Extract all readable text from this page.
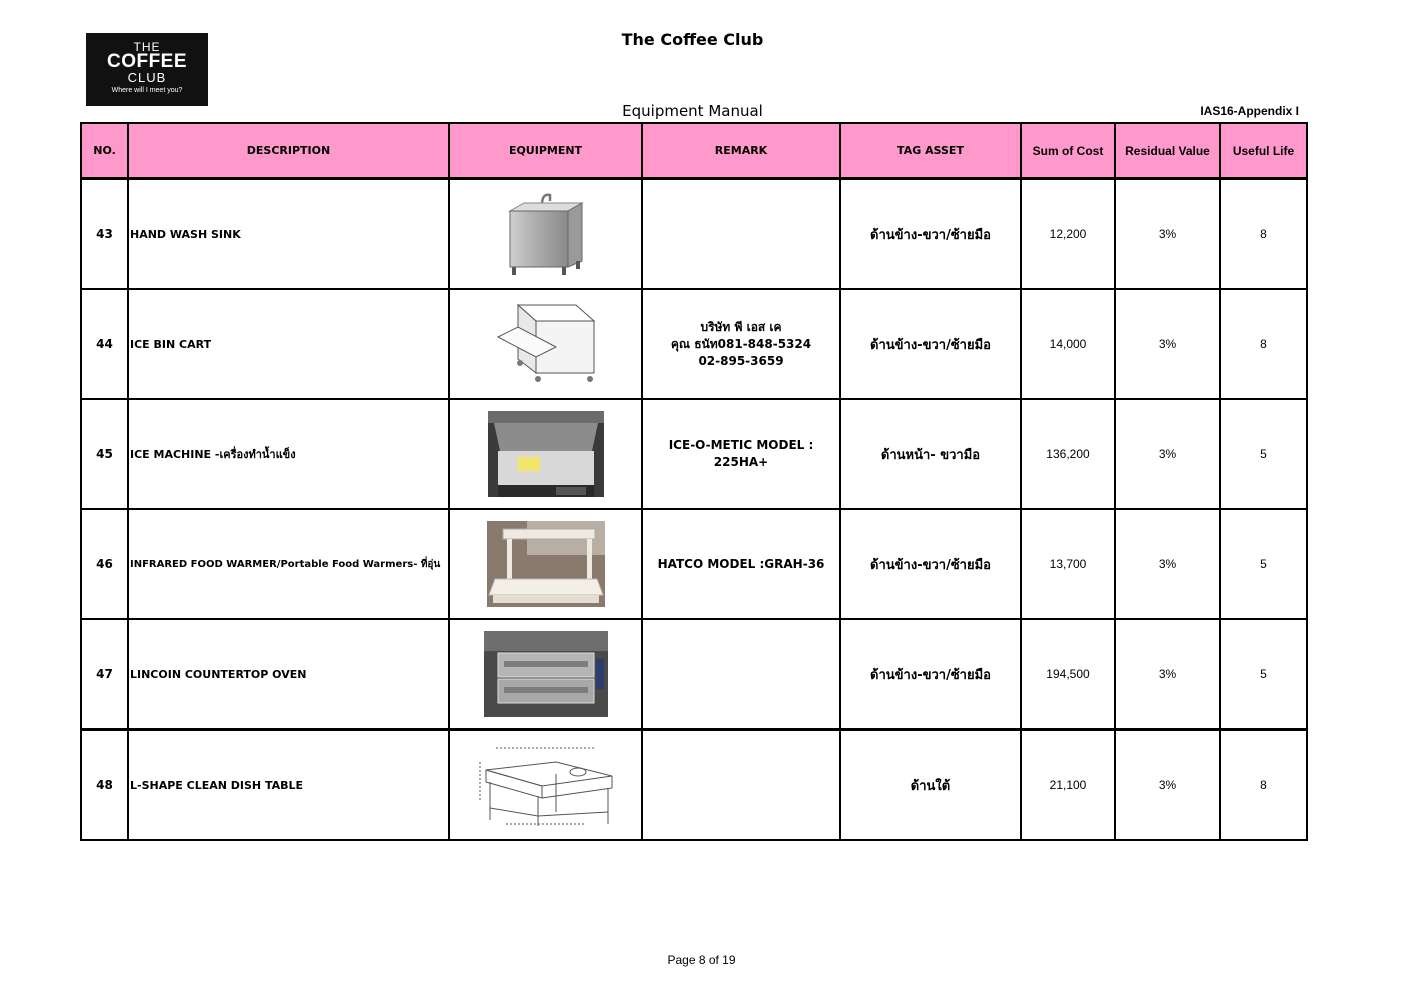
THE
COFFEE
CLUB
Where will I meet you?
The Coffee Club
Equipment Manual	IAS16-Appendix I
NO.	DESCRIPTION	EQUIPMENT	REMARK	TAG ASSET	Sum of Cost	Residual Value	Useful Life
43	HAND WASH SINK			ด้านข้าง-ขวา/ซ้ายมือ	12,200	3%	8
44	ICE BIN CART		บริษัท พี เอส เค
คุณ ธนัท081-848-5324
02-895-3659	ด้านข้าง-ขวา/ซ้ายมือ	14,000	3%	8
45	ICE MACHINE -เครื่องทำน้ำแข็ง		ICE-O-METIC MODEL : 225HA+	ด้านหน้า- ขวามือ	136,200	3%	5
46	INFRARED FOOD WARMER/Portable Food Warmers- ที่อุ่น		HATCO MODEL :GRAH-36	ด้านข้าง-ขวา/ซ้ายมือ	13,700	3%	5
47	LINCOIN COUNTERTOP OVEN			ด้านข้าง-ขวา/ซ้ายมือ	194,500	3%	5
48	L-SHAPE CLEAN DISH TABLE			ด้านใต้	21,100	3%	8
Page 8 of 19
